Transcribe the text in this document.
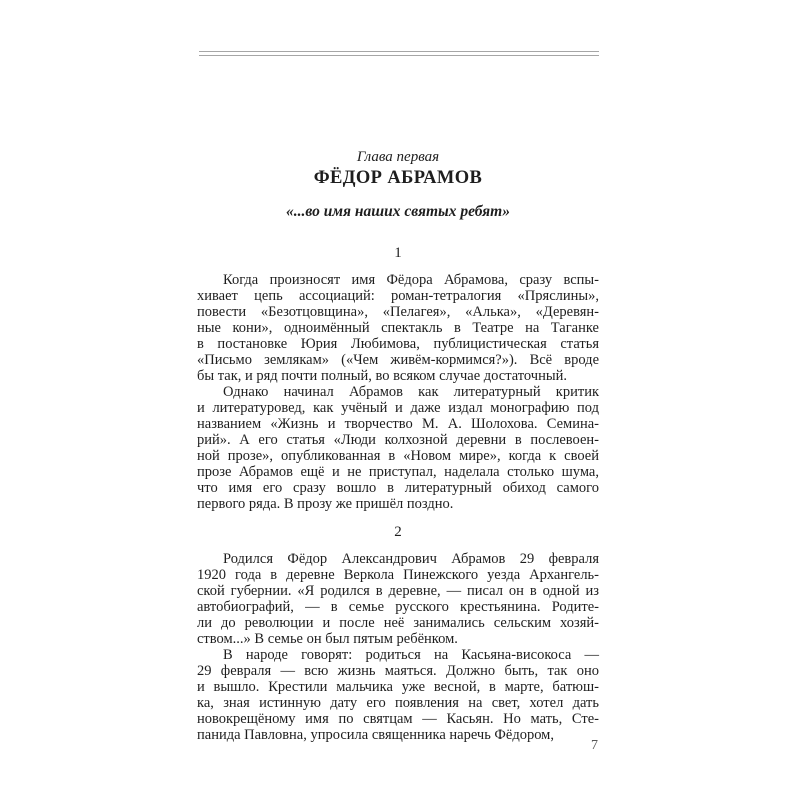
Глава первая
ФЁДОР АБРАМОВ
«...во имя наших святых ребят»
1
Когда произносят имя Фёдора Абрамова, сразу вспы-
хивает цепь ассоциаций: роман-тетралогия «Пряслины»,
повести «Безотцовщина», «Пелагея», «Алька», «Деревян-
ные кони», одноимённый спектакль в Театре на Таганке
в постановке Юрия Любимова, публицистическая статья
«Письмо землякам» («Чем живём-кормимся?»). Всё вроде
бы так, и ряд почти полный, во всяком случае достаточный.
Однако начинал Абрамов как литературный критик
и литературовед, как учёный и даже издал монографию под
названием «Жизнь и творчество М. А. Шолохова. Семина-
рий». А его статья «Люди колхозной деревни в послевоен-
ной прозе», опубликованная в «Новом мире», когда к своей
прозе Абрамов ещё и не приступал, наделала столько шума,
что имя его сразу вошло в литературный обиход самого
первого ряда. В прозу же пришёл поздно.
2
Родился Фёдор Александрович Абрамов 29 февраля
1920 года в деревне Веркола Пинежского уезда Архангель-
ской губернии. «Я родился в деревне, — писал он в одной из
автобиографий, — в семье русского крестьянина. Родите-
ли до революции и после неё занимались сельским хозяй-
ством...» В семье он был пятым ребёнком.
В народе говорят: родиться на Касьяна-високоса —
29 февраля — всю жизнь маяться. Должно быть, так оно
и вышло. Крестили мальчика уже весной, в марте, батюш-
ка, зная истинную дату его появления на свет, хотел дать
новокрещёному имя по святцам — Касьян. Но мать, Сте-
панида Павловна, упросила священника наречь Фёдором,
7
